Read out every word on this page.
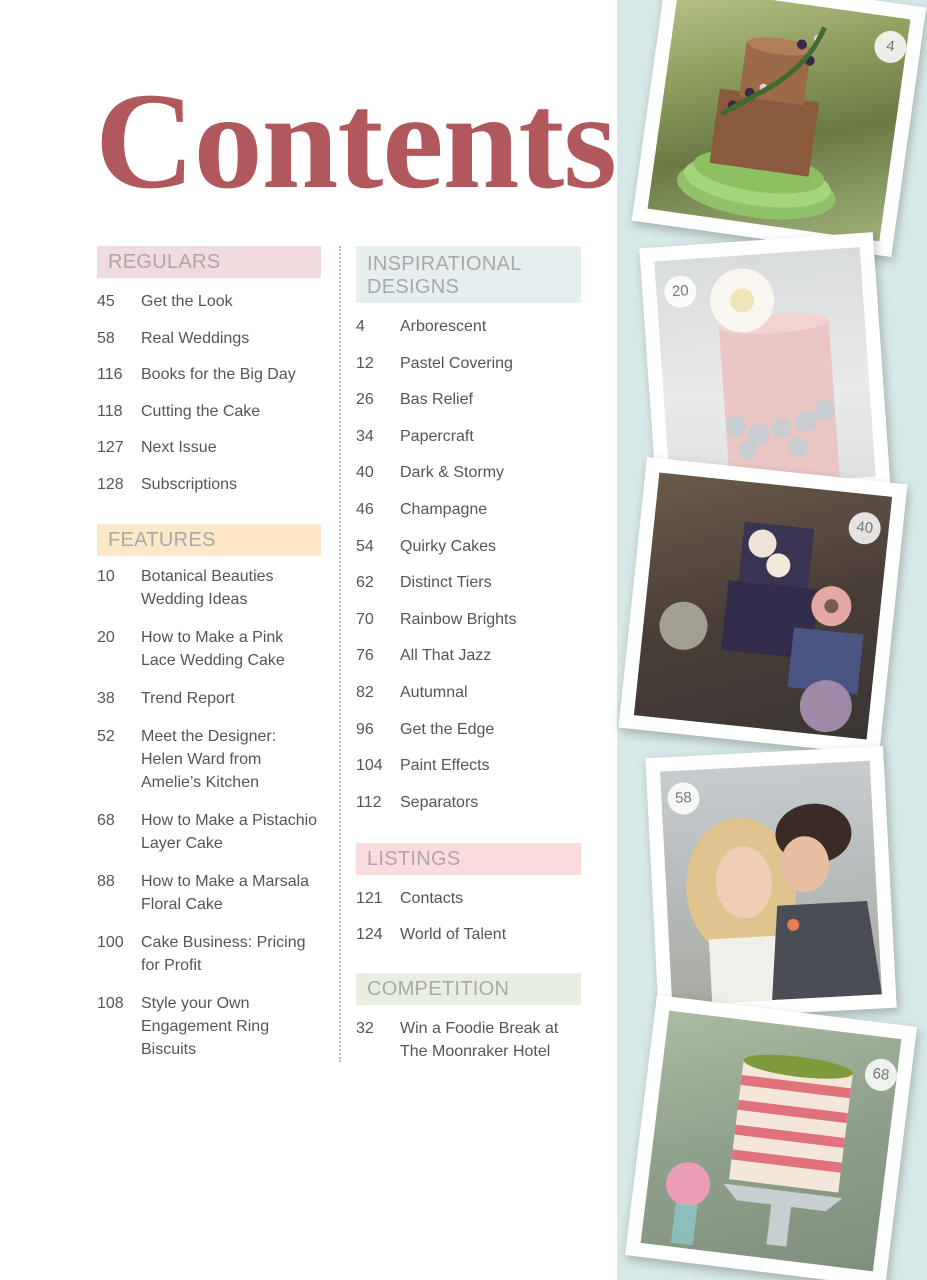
Contents
REGULARS
45	Get the Look
58	Real Weddings
116	Books for the Big Day
118	Cutting the Cake
127	Next Issue
128	Subscriptions
FEATURES
10	Botanical Beauties
Wedding Ideas
20	How to Make a Pink
Lace Wedding Cake
38	Trend Report
52	Meet the Designer:
Helen Ward from
Amelie’s Kitchen
68	How to Make a Pistachio
Layer Cake
88	How to Make a Marsala
Floral Cake
100	Cake Business: Pricing
for Profit
108	Style your Own
Engagement Ring
Biscuits
INSPIRATIONAL
DESIGNS
4	Arborescent
12	Pastel Covering
26	Bas Relief
34	Papercraft
40	Dark & Stormy
46	Champagne
54	Quirky Cakes
62	Distinct Tiers
70	Rainbow Brights
76	All That Jazz
82	Autumnal
96	Get the Edge
104	Paint Effects
112	Separators
LISTINGS
121	Contacts
124	World of Talent
COMPETITION
32	Win a Foodie Break at
The Moonraker Hotel
4
20
40
58
68
